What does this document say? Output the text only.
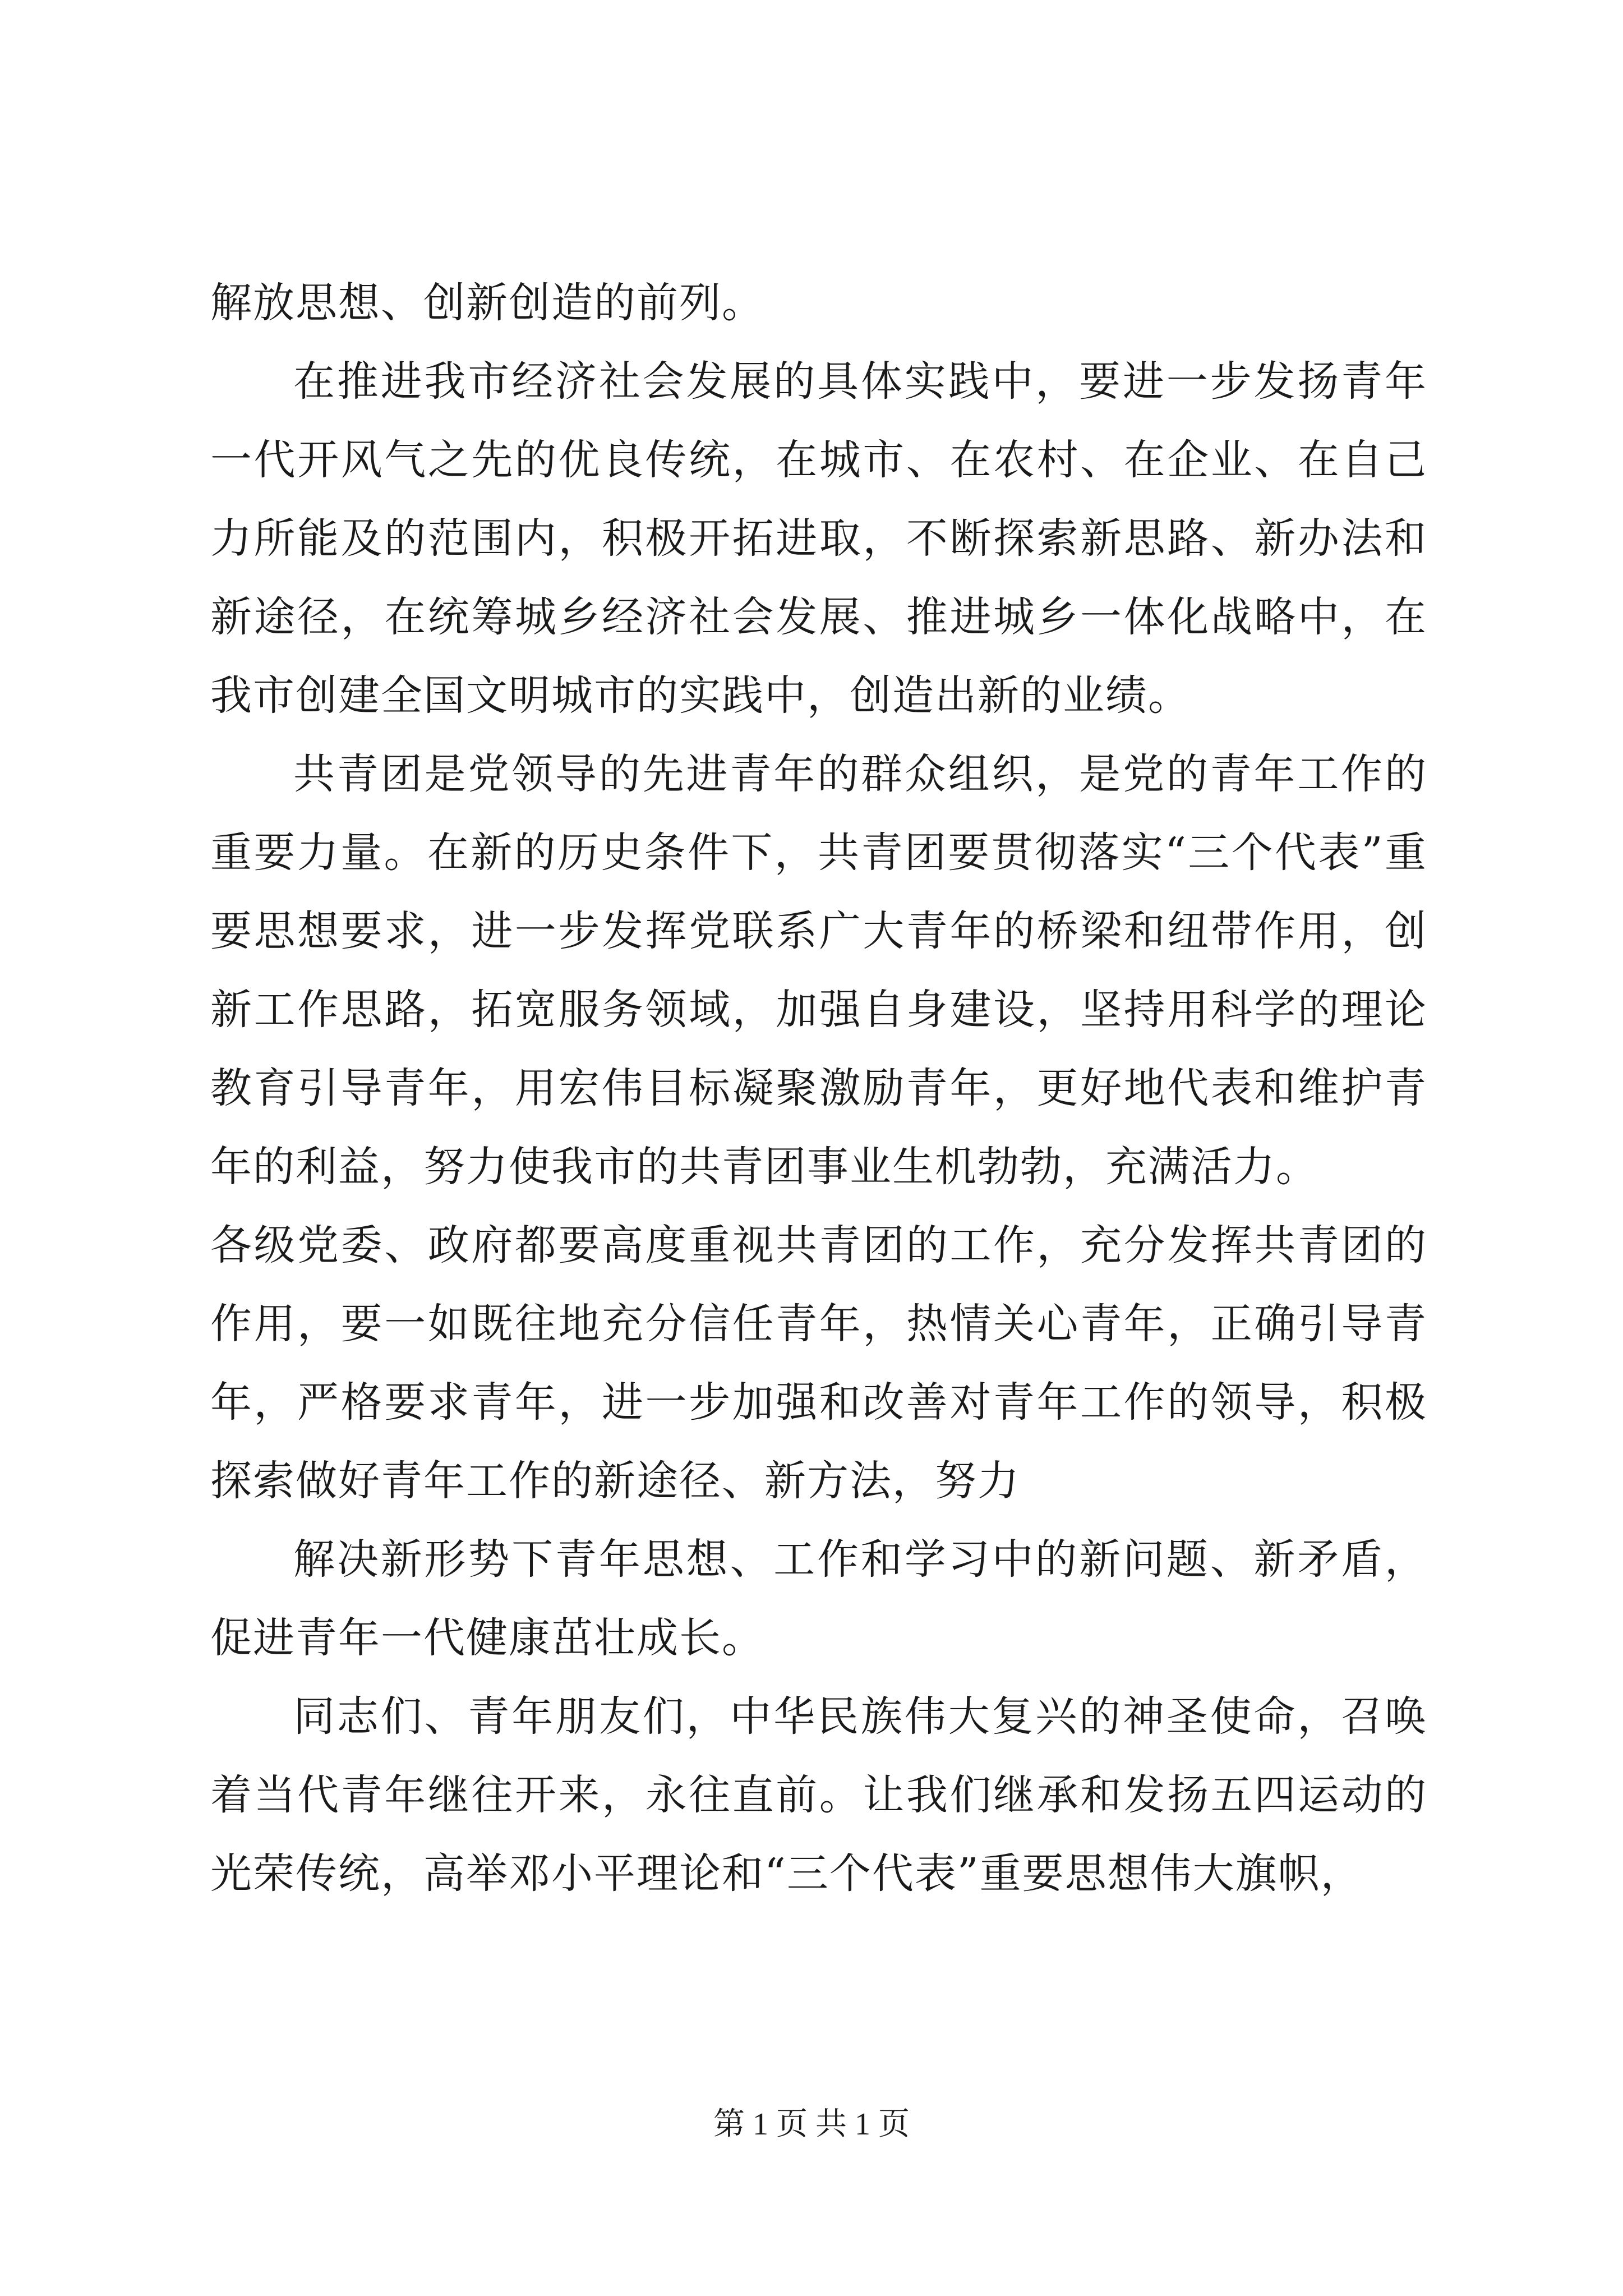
解放思想、创新创造的前列。

在推进我市经济社会发展的具体实践中，要进一步发扬青年一代开风气之先的优良传统，在城市、在农村、在企业、在自己力所能及的范围内，积极开拓进取，不断探索新思路、新办法和新途径，在统筹城乡经济社会发展、推进城乡一体化战略中，在我市创建全国文明城市的实践中，创造出新的业绩。

共青团是党领导的先进青年的群众组织，是党的青年工作的重要力量。在新的历史条件下，共青团要贯彻落实“三个代表”重要思想要求，进一步发挥党联系广大青年的桥梁和纽带作用，创新工作思路，拓宽服务领域，加强自身建设，坚持用科学的理论教育引导青年，用宏伟目标凝聚激励青年，更好地代表和维护青年的利益，努力使我市的共青团事业生机勃勃，充满活力。

各级党委、政府都要高度重视共青团的工作，充分发挥共青团的作用，要一如既往地充分信任青年，热情关心青年，正确引导青年，严格要求青年，进一步加强和改善对青年工作的领导，积极探索做好青年工作的新途径、新方法，努力

解决新形势下青年思想、工作和学习中的新问题、新矛盾，促进青年一代健康茁壮成长。

同志们、青年朋友们，中华民族伟大复兴的神圣使命，召唤着当代青年继往开来，永往直前。让我们继承和发扬五四运动的光荣传统，高举邓小平理论和“三个代表”重要思想伟大旗帜，

第 1 页 共 1 页
